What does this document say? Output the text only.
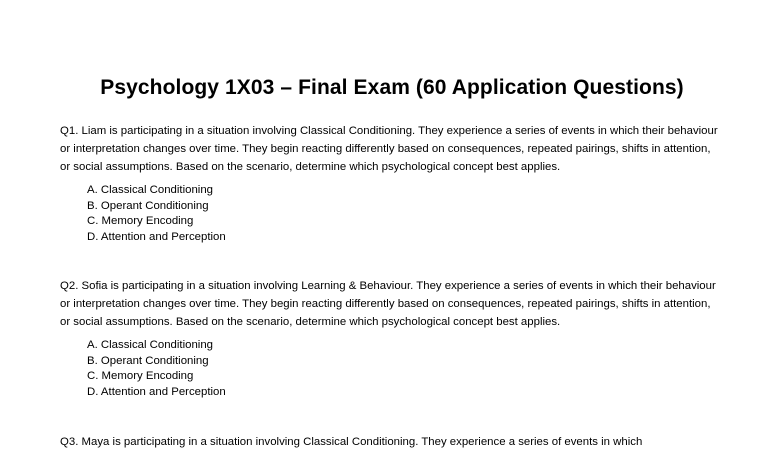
Psychology 1X03 – Final Exam (60 Application Questions)

Q1. Liam is participating in a situation involving Classical Conditioning. They experience a series of events in which their behaviour or interpretation changes over time. They begin reacting differently based on consequences, repeated pairings, shifts in attention, or social assumptions. Based on the scenario, determine which psychological concept best applies.

A. Classical Conditioning
B. Operant Conditioning
C. Memory Encoding
D. Attention and Perception

Q2. Sofia is participating in a situation involving Learning & Behaviour. They experience a series of events in which their behaviour or interpretation changes over time. They begin reacting differently based on consequences, repeated pairings, shifts in attention, or social assumptions. Based on the scenario, determine which psychological concept best applies.

A. Classical Conditioning
B. Operant Conditioning
C. Memory Encoding
D. Attention and Perception

Q3. Maya is participating in a situation involving Classical Conditioning. They experience a series of events in which
